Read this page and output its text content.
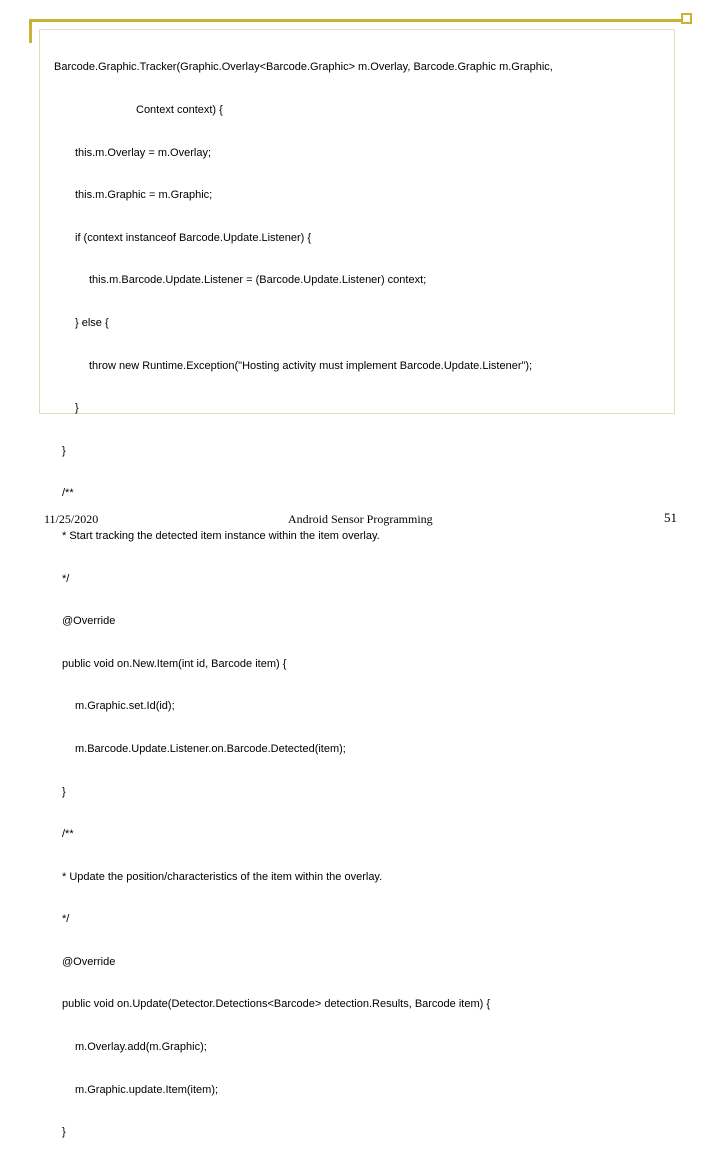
Barcode.Graphic.Tracker(Graphic.Overlay<Barcode.Graphic> m.Overlay, Barcode.Graphic m.Graphic,

Context context) {

this.m.Overlay = m.Overlay;

this.m.Graphic = m.Graphic;

if (context instanceof Barcode.Update.Listener) {

this.m.Barcode.Update.Listener = (Barcode.Update.Listener) context;

} else {

throw new Runtime.Exception("Hosting activity must implement Barcode.Update.Listener");

}

}

/**

* Start tracking the detected item instance within the item overlay.

*/

@Override

public void on.New.Item(int id, Barcode item) {

m.Graphic.set.Id(id);

m.Barcode.Update.Listener.on.Barcode.Detected(item);

}

/**

* Update the position/characteristics of the item within the overlay.

*/

@Override

public void on.Update(Detector.Detections<Barcode> detection.Results, Barcode item) {

m.Overlay.add(m.Graphic);

m.Graphic.update.Item(item);

}

11/25/2020	Android Sensor Programming	51
